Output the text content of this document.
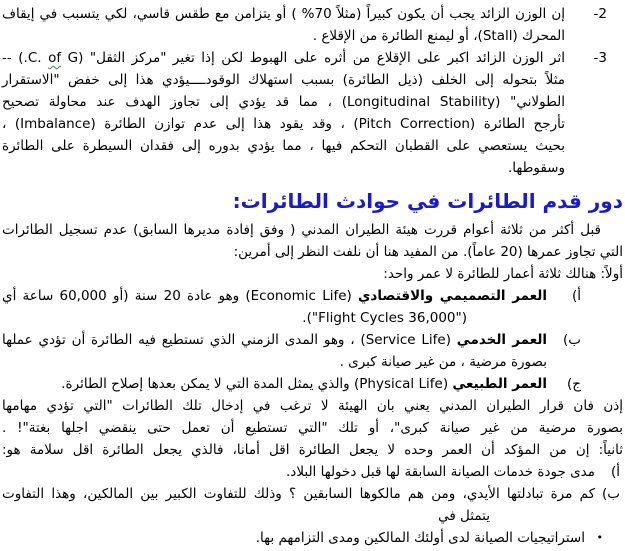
-2
إن الوزن الزائد يجب أن يكون كبيراً (مثلاً 70% ) أو يتزامن مع طقس قاسي، لكي يتسبب في إيقاف
المحرك (Stall)، أو ليمنع الطائرة من الإقلاع .
-3
اثر الوزن الزائد اكبر على الإقلاع من أثره على الهبوط لكن إذا تغير "مركز الثقل" (C. of G.) --
مثلاً بتحوله إلى الخلف (ذيل الطائرة) بسبب استهلاك الوقودــــيؤدي هذا إلى خفض "الاستقرار
الطولاني" (Longitudinal Stability) ، مما قد يؤدي إلى تجاوز الهدف عند محاولة تصحيح
تأرجح الطائرة (Pitch Correction) ، وقد يقود هذا إلى عدم توازن الطائرة (Imbalance) ،
بحيث يستعصي على القطبان التحكم فيها ، مما يؤدي بدوره إلى فقدان السيطرة على الطائرة
وسقوطها.
دور قدم الطائرات في حوادث الطائرات:
قبل أكثر من ثلاثة أعوام قررت هيئة الطيران المدني ( وفق إفادة مديرها السابق) عدم تسجيل الطائرات
التي تجاوز عمرها (20 عاماً). من المفيد هنا أن نلفت النظر إلى أمرين:
أولاً: هنالك ثلاثة أعمار للطائرة لا عمر واحد:
أ)
العمر التصميمي والاقتصادي (Economic Life) وهو عادة 20 سنة (أو 60,000 ساعة أي
("36,000 Flight Cycles").
ب)
العمر الخدمي (Service Life) ، وهو المدى الزمني الذي تستطيع فيه الطائرة أن تؤدي عملها
بصورة مرضية ، من غير صيانة كبرى .
ج)
العمر الطبيعي (Physical Life) والذي يمثل المدة التي لا يمكن بعدها إصلاح الطائرة.
إذن فان قرار الطيران المدني يعني بان الهيئة لا ترغب في إدخال تلك الطائرات "التي تؤدي مهامها
بصورة مرضية من غير صيانة كبرى"، أو تلك "التي تستطيع أن تعمل حتى ينقضي اجلها بغتة"! .
ثانياً: إن من المؤكد أن العمر وحده لا يجعل الطائرة اقل أمانا، فالذي يجعل الطائرة اقل سلامة هو:
أ)
مدى جودة خدمات الصيانة السابقة لها قبل دخولها البلاد.
ب)
كم مرة تبادلتها الأيدي، ومن هم مالكوها السابقين ؟ وذلك للتفاوت الكبير بين المالكين، وهذا التفاوت
يتمثل في
•
استراتيجيات الصيانة لدى أولئك المالكين ومدى التزامهم بها.
